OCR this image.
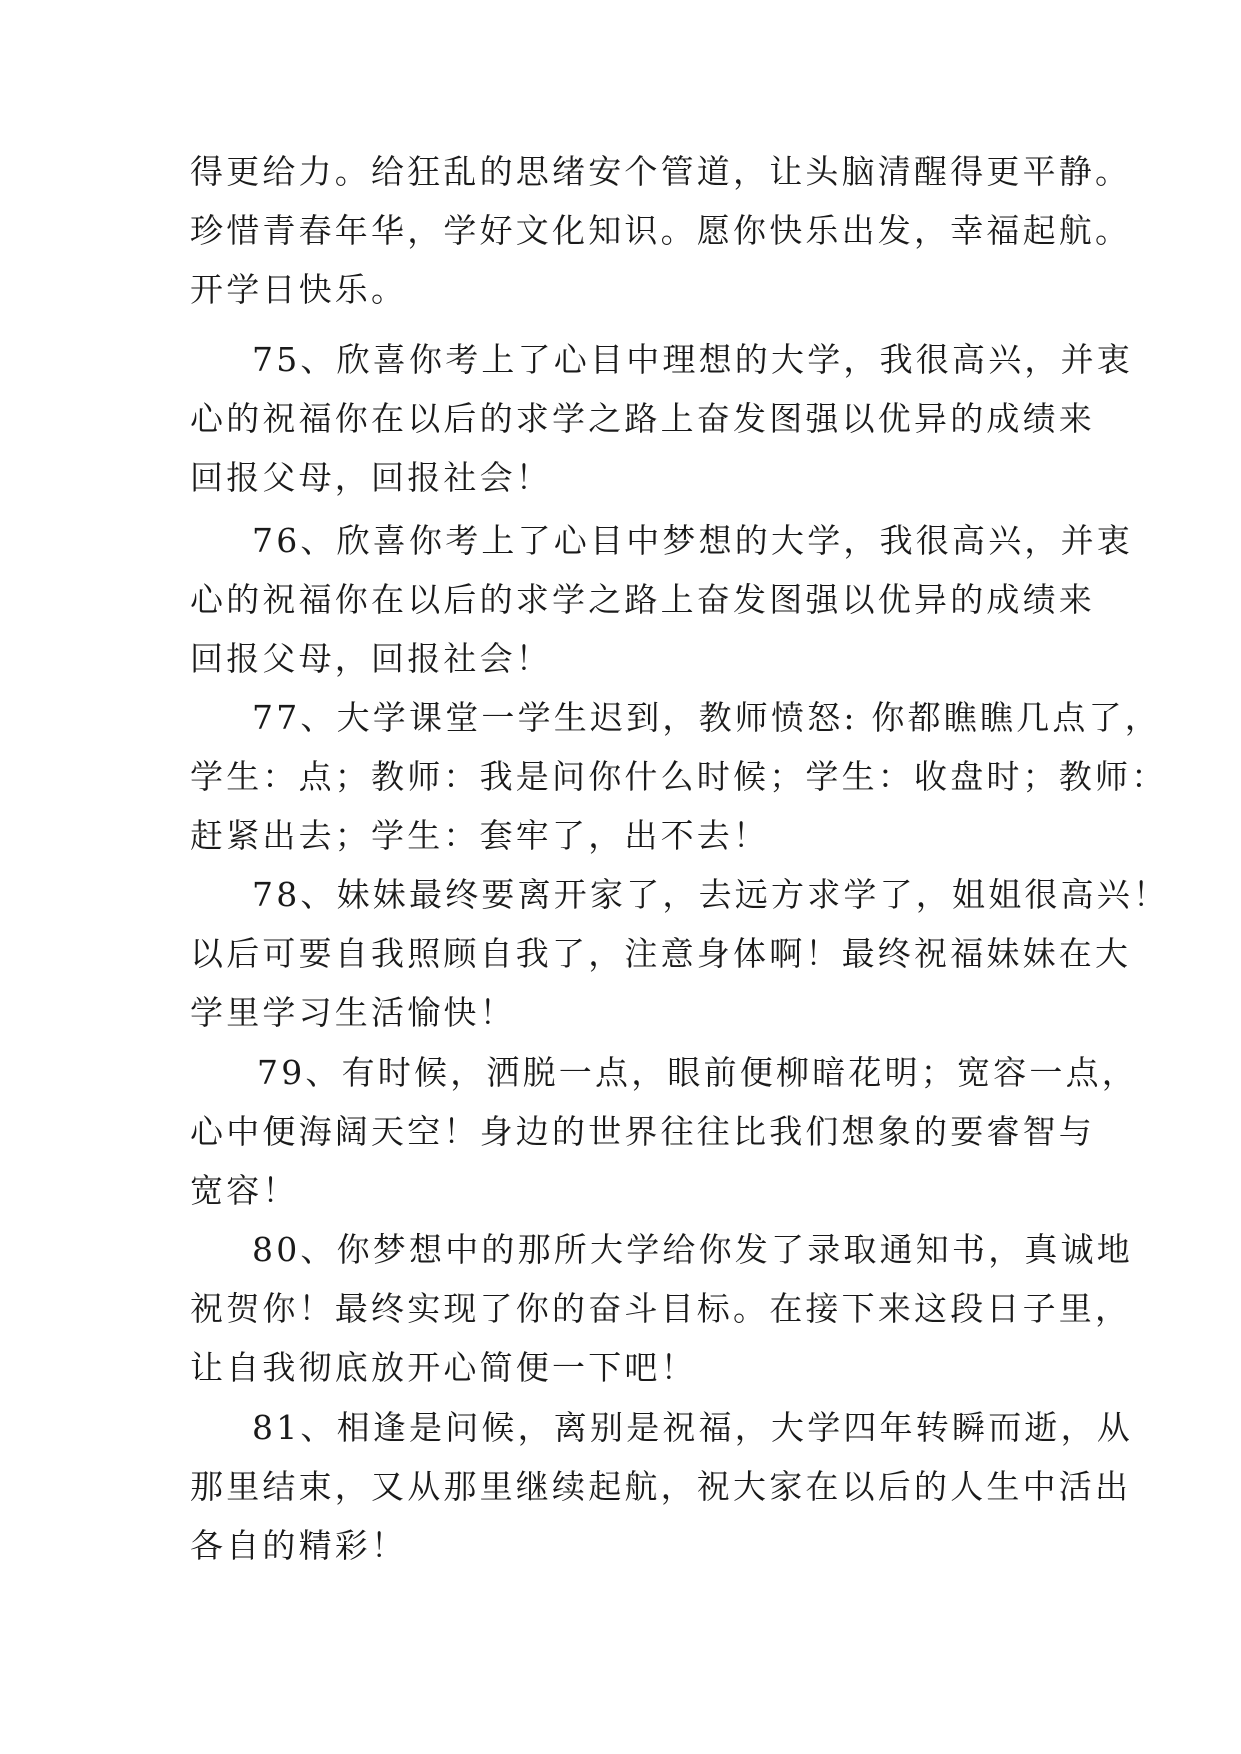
得更给力。给狂乱的思绪安个管道，让头脑清醒得更平静。
珍惜青春年华，学好文化知识。愿你快乐出发，幸福起航。
开学日快乐。
75、欣喜你考上了心目中理想的大学，我很高兴，并衷
心的祝福你在以后的求学之路上奋发图强以优异的成绩来
回报父母，回报社会！
76、欣喜你考上了心目中梦想的大学，我很高兴，并衷
心的祝福你在以后的求学之路上奋发图强以优异的成绩来
回报父母，回报社会！
77、大学课堂一学生迟到，教师愤怒: 你都瞧瞧几点了，
学生：点；教师：我是问你什么时候；学生：收盘时；教师：
赶紧出去；学生：套牢了，出不去！
78、妹妹最终要离开家了，去远方求学了，姐姐很高兴！
以后可要自我照顾自我了，注意身体啊！最终祝福妹妹在大
学里学习生活愉快！
79、有时候，洒脱一点，眼前便柳暗花明；宽容一点，
心中便海阔天空！身边的世界往往比我们想象的要睿智与
宽容！
80、你梦想中的那所大学给你发了录取通知书，真诚地
祝贺你！最终实现了你的奋斗目标。在接下来这段日子里，
让自我彻底放开心简便一下吧！
81、相逢是问候，离别是祝福，大学四年转瞬而逝，从
那里结束，又从那里继续起航，祝大家在以后的人生中活出
各自的精彩！
